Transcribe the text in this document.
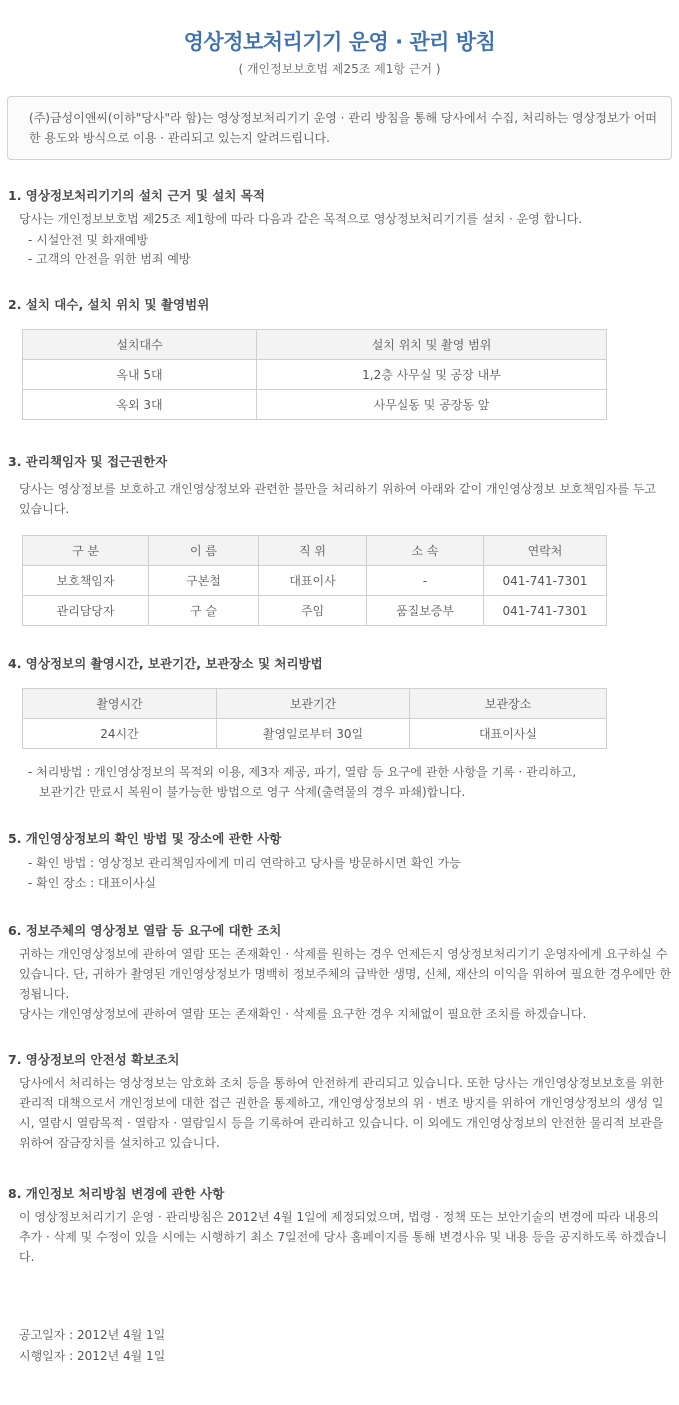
영상정보처리기기 운영 · 관리 방침
( 개인정보보호법 제25조 제1항 근거 )
(주)금성이앤씨(이하"당사"라 함)는 영상정보처리기기 운영 · 관리 방침을 통해 당사에서 수집, 처리하는 영상정보가 어떠한 용도와 방식으로 이용 · 관리되고 있는지 알려드립니다.
1. 영상정보처리기기의 설치 근거 및 설치 목적
당사는 개인정보보호법 제25조 제1항에 따라 다음과 같은 목적으로 영상정보처리기기를 설치 · 운영 합니다.
- 시설안전 및 화재예방
- 고객의 안전을 위한 범죄 예방
2. 설치 대수, 설치 위치 및 촬영범위
설치대수	설치 위치 및 촬영 범위
옥내 5대	1,2층 사무실 및 공장 내부
옥외 3대	사무실동 및 공장동 앞
3. 관리책임자 및 접근권한자
당사는 영상정보를 보호하고 개인영상정보와 관련한 불만을 처리하기 위하여 아래와 같이 개인영상정보 보호책임자를 두고 있습니다.
구 분	이 름	직 위	소 속	연락처
보호책임자	구본철	대표이사	-	041-741-7301
관리담당자	구 슬	주임	품질보증부	041-741-7301
4. 영상정보의 촬영시간, 보관기간, 보관장소 및 처리방법
촬영시간	보관기간	보관장소
24시간	촬영일로부터 30일	대표이사실
- 처리방법 : 개인영상정보의 목적외 이용, 제3자 제공, 파기, 열람 등 요구에 관한 사항을 기록 · 관리하고,
보관기간 만료시 복원이 불가능한 방법으로 영구 삭제(출력물의 경우 파쇄)합니다.
5. 개인영상정보의 확인 방법 및 장소에 관한 사항
- 확인 방법 : 영상정보 관리책임자에게 미리 연락하고 당사를 방문하시면 확인 가능
- 확인 장소 : 대표이사실
6. 정보주체의 영상정보 열람 등 요구에 대한 조치
귀하는 개인영상정보에 관하여 열람 또는 존재확인 · 삭제를 원하는 경우 언제든지 영상정보처리기기 운영자에게 요구하실 수 있습니다. 단, 귀하가 촬영된 개인영상정보가 명백히 정보주체의 급박한 생명, 신체, 재산의 이익을 위하여 필요한 경우에만 한정됩니다.
당사는 개인영상정보에 관하여 열람 또는 존재확인 · 삭제를 요구한 경우 지체없이 필요한 조치를 하겠습니다.
7. 영상정보의 안전성 확보조치
당사에서 처리하는 영상정보는 암호화 조치 등을 통하여 안전하게 관리되고 있습니다. 또한 당사는 개인영상정보보호를 위한 관리적 대책으로서 개인정보에 대한 접근 권한을 통제하고, 개인영상정보의 위 · 변조 방지를 위하여 개인영상정보의 생성 일시, 열람시 열람목적 · 열람자 · 열람일시 등을 기록하여 관리하고 있습니다. 이 외에도 개인영상정보의 안전한 물리적 보관을 위하여 잠금장치를 설치하고 있습니다.
8. 개인정보 처리방침 변경에 관한 사항
이 영상정보처리기기 운영 · 관리방침은 2012년 4월 1일에 제정되었으며, 법령 · 정책 또는 보안기술의 변경에 따라 내용의 추가 · 삭제 및 수정이 있을 시에는 시행하기 최소 7일전에 당사 홈페이지를 통해 변경사유 및 내용 등을 공지하도록 하겠습니다.
공고일자 : 2012년 4월 1일
시행일자 : 2012년 4월 1일
